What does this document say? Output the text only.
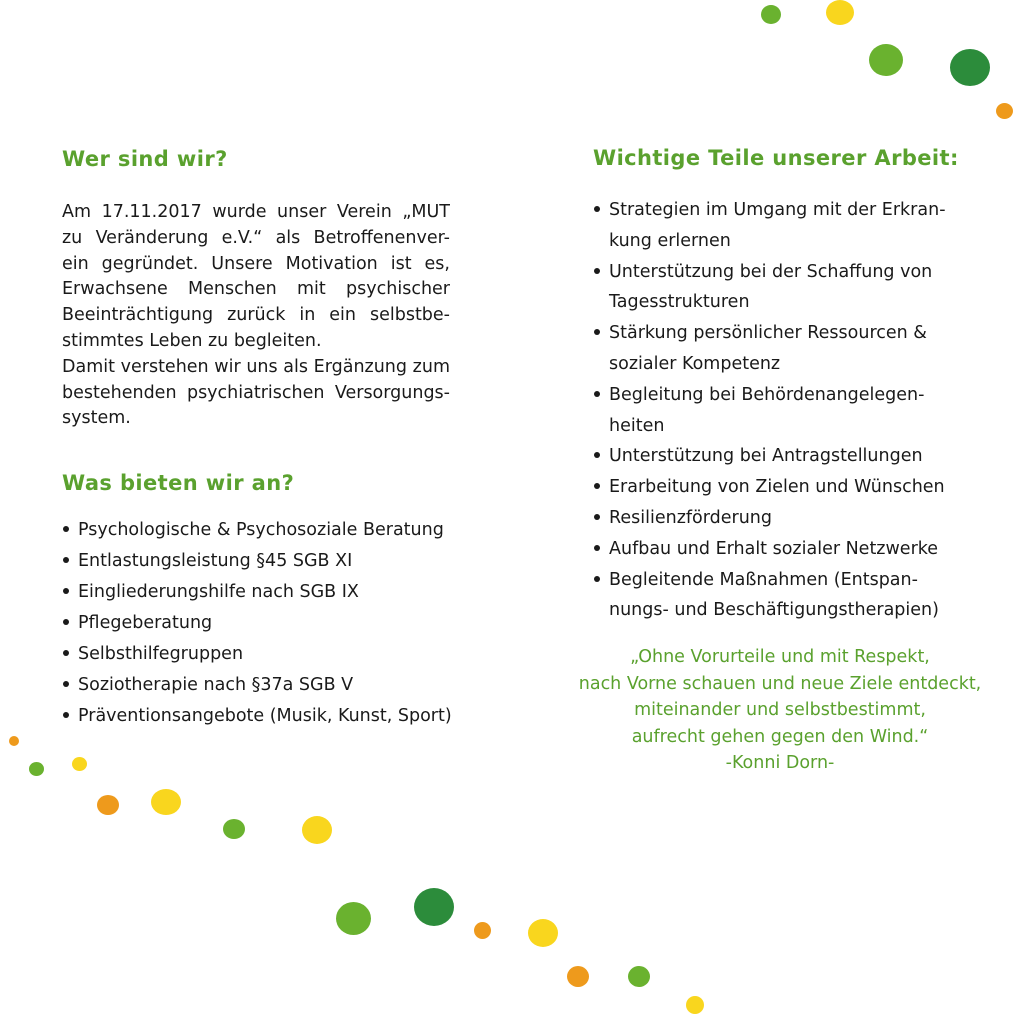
Wer sind wir?

Am 17.11.2017 wurde unser Verein „MUT
zu Veränderung e.V.“ als Betroffenenver-
ein gegründet. Unsere Motivation ist es,
Erwachsene Menschen mit psychischer
Beeinträchtigung zurück in ein selbstbe-
stimmtes Leben zu begleiten.
Damit verstehen wir uns als Ergänzung zum
bestehenden psychiatrischen Versorgungs-
system.

Was bieten wir an?
Psychologische & Psychosoziale Beratung
Entlastungsleistung §45 SGB XI
Eingliederungshilfe nach SGB IX
Pflegeberatung
Selbsthilfegruppen
Soziotherapie nach §37a SGB V
Präventionsangebote (Musik, Kunst, Sport)
Wichtige Teile unserer Arbeit:
Strategien im Umgang mit der Erkran-
kung erlernen
Unterstützung bei der Schaffung von
Tagesstrukturen
Stärkung persönlicher Ressourcen &
sozialer Kompetenz
Begleitung bei Behördenangelegen-
heiten
Unterstützung bei Antragstellungen
Erarbeitung von Zielen und Wünschen
Resilienzförderung
Aufbau und Erhalt sozialer Netzwerke
Begleitende Maßnahmen (Entspan-
nungs- und Beschäftigungstherapien)

„Ohne Vorurteile und mit Respekt,
nach Vorne schauen und neue Ziele entdeckt,
miteinander und selbstbestimmt,
aufrecht gehen gegen den Wind.“
-Konni Dorn-
